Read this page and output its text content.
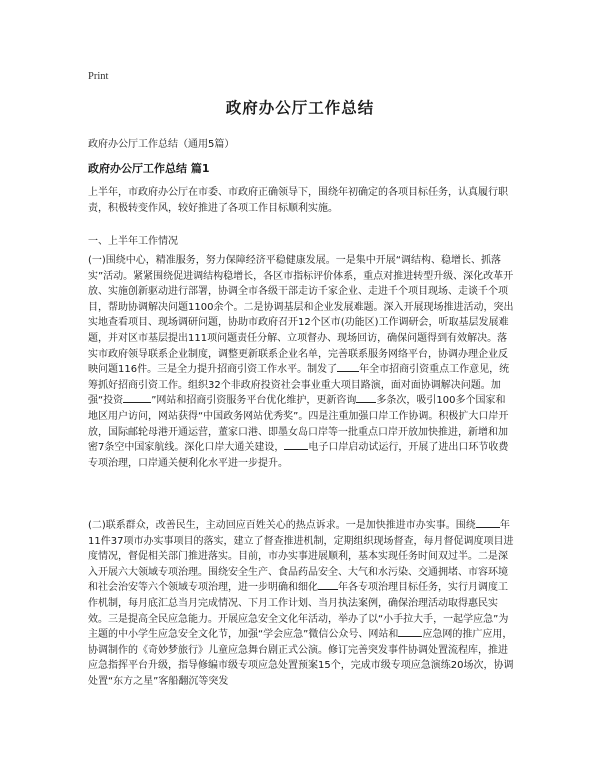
Print
政府办公厅工作总结
政府办公厅工作总结（通用5篇）
政府办公厅工作总结 篇1

上半年，市政府办公厅在市委、市政府正确领导下，围绕年初确定的各项目标任务，认真履行职责，积极转变作风，较好推进了各项工作目标顺利实施。

一、上半年工作情况

(一)围绕中心，精准服务，努力保障经济平稳健康发展。一是集中开展“调结构、稳增长、抓落实”活动。紧紧围绕促进调结构稳增长，各区市指标评价体系，重点对推进转型升级、深化改革开放、实施创新驱动进行部署，协调全市各级干部走访千家企业、走进千个项目现场、走谈千个项目，帮助协调解决问题1100余个。二是协调基层和企业发展难题。深入开展现场推进活动，突出实地查看项目、现场调研问题，协助市政府召开12个区市(功能区)工作调研会，听取基层发展难题，并对区市基层提出111项问题责任分解、立项督办、现场回访，确保问题得到有效解决。落实市政府领导联系企业制度，调整更新联系企业名单，完善联系服务网络平台，协调办理企业反映问题116件。三是全力提升招商引资工作水平。制发了 年全市招商引资重点工作意见，统筹抓好招商引资工作。组织32个非政府投资社会事业重大项目路演，面对面协调解决问题。加强“投资	”网站和招商引资服务平台优化维护，更新咨询 多条次，吸引100多个国家和地区用户访问，网站获得“中国政务网站优秀奖”。四是注重加强口岸工作协调。积极扩大口岸开放，国际邮轮母港开通运营，董家口港、即墨女岛口岸等一批重点口岸开放加快推进，新增和加密7条空中国家航线。深化口岸大通关建设， 电子口岸启动试运行，开展了进出口环节收费专项治理，口岸通关便利化水平进一步提升。

(二)联系群众，改善民生，主动回应百姓关心的热点诉求。一是加快推进市办实事。围绕 年11件37项市办实事项目的落实，建立了督查推进机制，定期组织现场督查，每月督促调度项目进度情况，督促相关部门推进落实。目前，市办实事进展顺利，基本实现任务时间双过半。二是深入开展六大领域专项治理。围绕安全生产、食品药品安全、大气和水污染、交通拥堵、市容环境和社会治安等六个领域专项治理，进一步明确和细化 年各专项治理目标任务，实行月调度工作机制，每月底汇总当月完成情况、下月工作计划、当月执法案例，确保治理活动取得惠民实效。三是提高全民应急能力。开展应急安全文化年活动，举办了以“小手拉大手，一起学应急”为主题的中小学生应急安全文化节，加强“学会应急”微信公众号、网站和 应急网的推广应用，协调制作的《奇妙梦旅行》儿童应急舞台剧正式公演。修订完善突发事件协调处置流程库，推进应急指挥平台升级，指导修编市级专项应急处置预案15个，完成市级专项应急演练20场次，协调处置“东方之星”客船翻沉等突发
